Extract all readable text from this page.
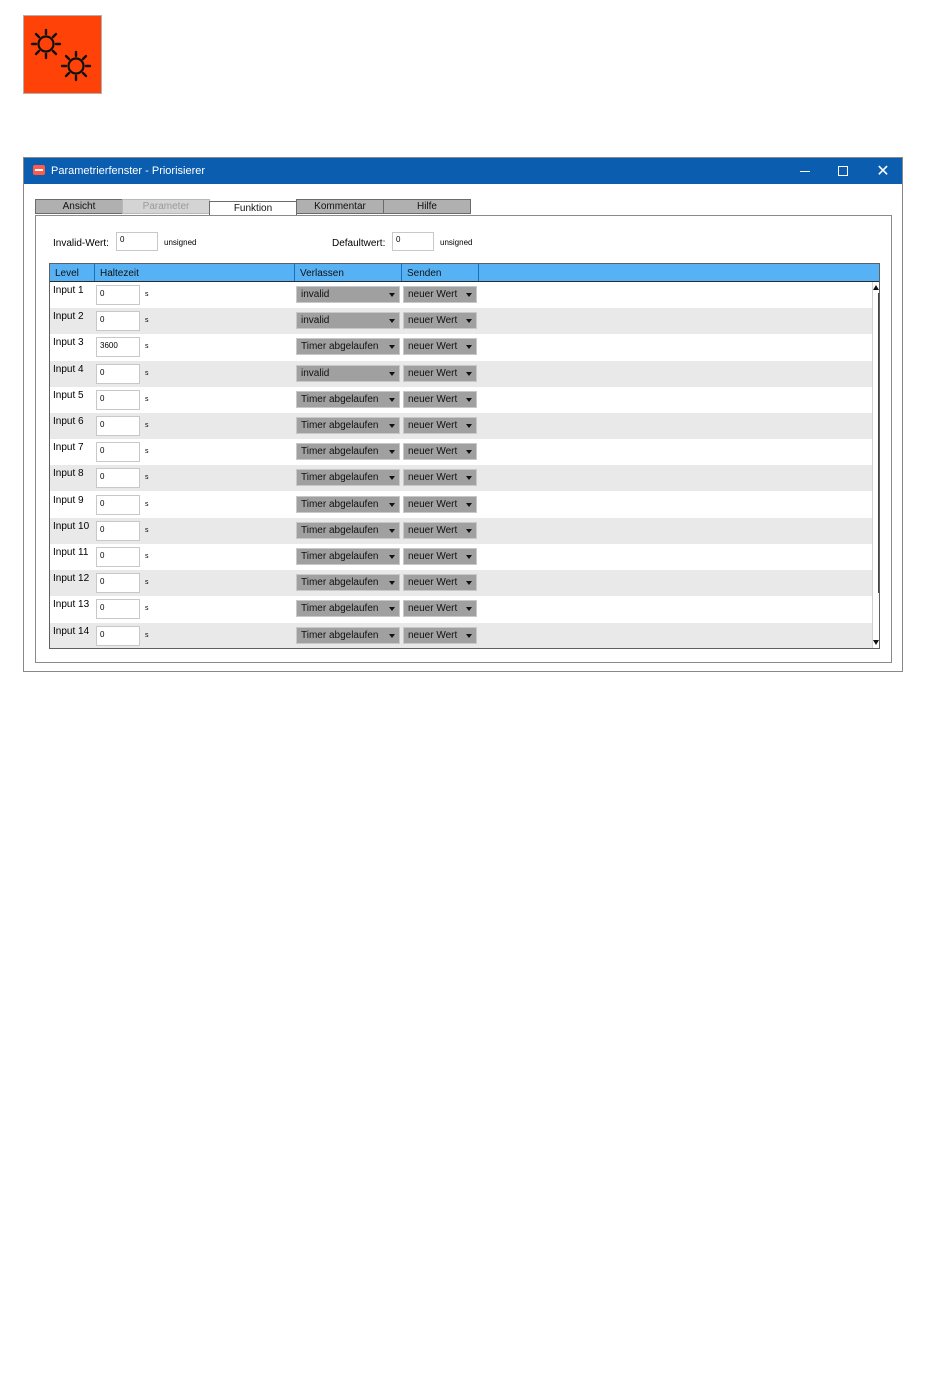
Parametrierfenster - Priorisierer	✕
Ansicht	Parameter	Funktion	Kommentar	Hilfe
Invalid-Wert:	0	unsigned	Defaultwert:	0	unsigned
Level	Haltezeit	Verlassen	Senden
Input 1	0	s	invalid	neuer Wert
Input 2	0	s	invalid	neuer Wert
Input 3	3600	s	Timer abgelaufen	neuer Wert
Input 4	0	s	invalid	neuer Wert
Input 5	0	s	Timer abgelaufen	neuer Wert
Input 6	0	s	Timer abgelaufen	neuer Wert
Input 7	0	s	Timer abgelaufen	neuer Wert
Input 8	0	s	Timer abgelaufen	neuer Wert
Input 9	0	s	Timer abgelaufen	neuer Wert
Input 10	0	s	Timer abgelaufen	neuer Wert
Input 11	0	s	Timer abgelaufen	neuer Wert
Input 12	0	s	Timer abgelaufen	neuer Wert
Input 13	0	s	Timer abgelaufen	neuer Wert
Input 14	0	s	Timer abgelaufen	neuer Wert
